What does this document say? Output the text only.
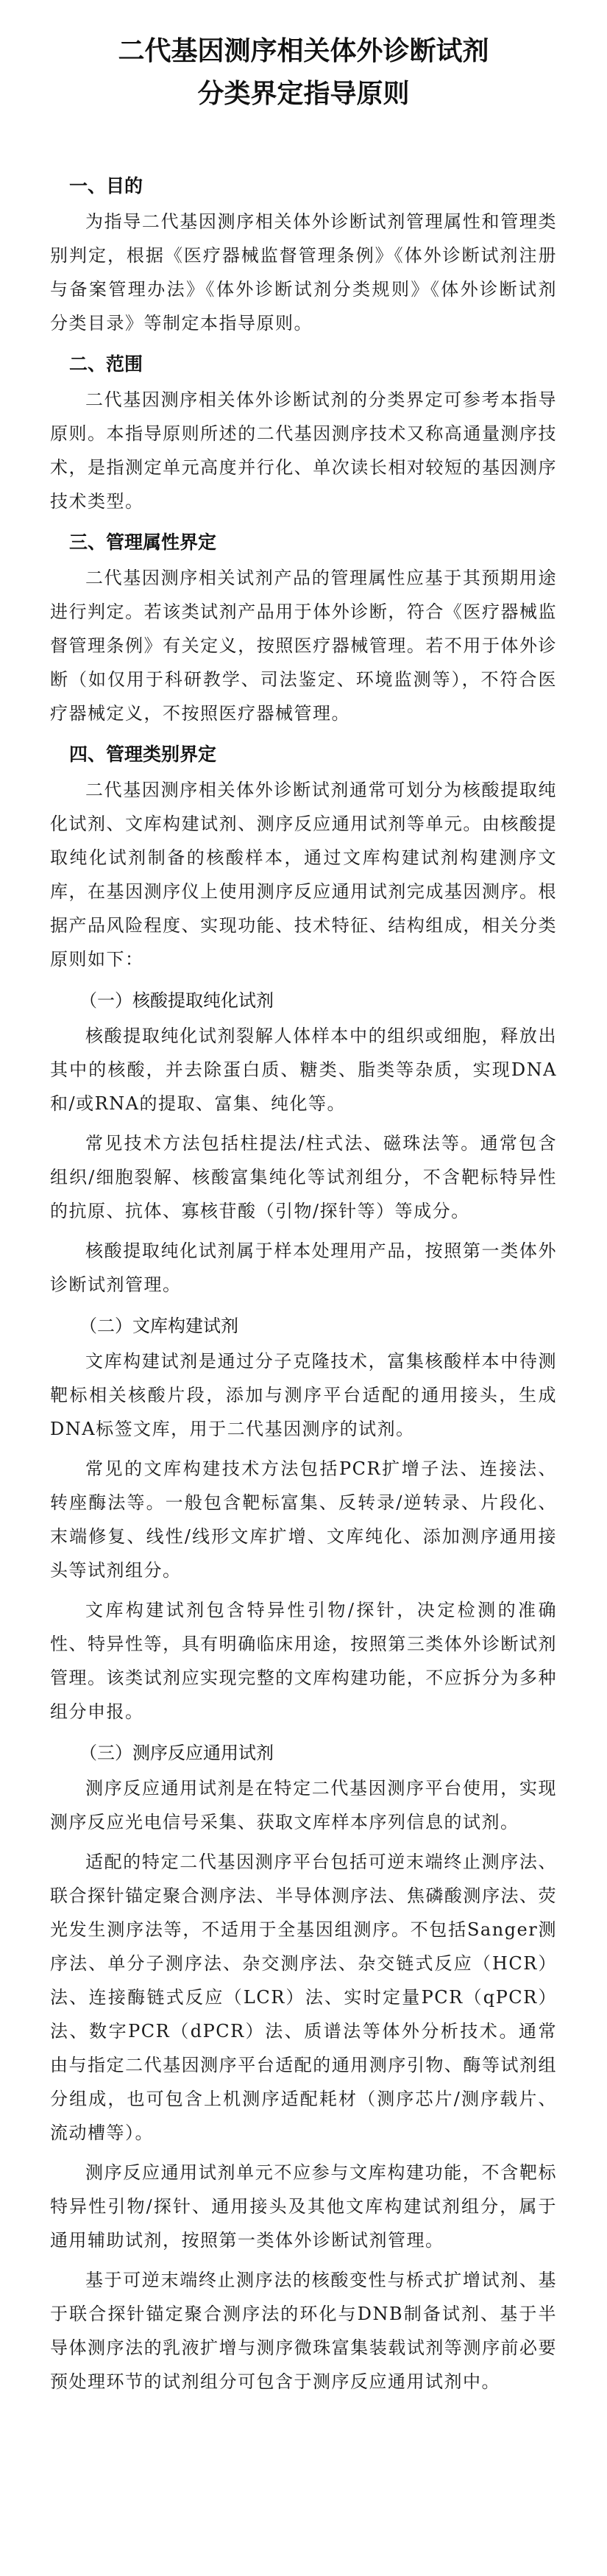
二代基因测序相关体外诊断试剂
分类界定指导原则
一、目的

为指导二代基因测序相关体外诊断试剂管理属性和管理类别判定，根据《医疗器械监督管理条例》《体外诊断试剂注册与备案管理办法》《体外诊断试剂分类规则》《体外诊断试剂分类目录》等制定本指导原则。

二、范围

二代基因测序相关体外诊断试剂的分类界定可参考本指导原则。本指导原则所述的二代基因测序技术又称高通量测序技术，是指测定单元高度并行化、单次读长相对较短的基因测序技术类型。

三、管理属性界定

二代基因测序相关试剂产品的管理属性应基于其预期用途进行判定。若该类试剂产品用于体外诊断，符合《医疗器械监督管理条例》有关定义，按照医疗器械管理。若不用于体外诊断（如仅用于科研教学、司法鉴定、环境监测等），不符合医疗器械定义，不按照医疗器械管理。

四、管理类别界定

二代基因测序相关体外诊断试剂通常可划分为核酸提取纯化试剂、文库构建试剂、测序反应通用试剂等单元。由核酸提取纯化试剂制备的核酸样本，通过文库构建试剂构建测序文库，在基因测序仪上使用测序反应通用试剂完成基因测序。根据产品风险程度、实现功能、技术特征、结构组成，相关分类原则如下：

（一）核酸提取纯化试剂

核酸提取纯化试剂裂解人体样本中的组织或细胞，释放出其中的核酸，并去除蛋白质、糖类、脂类等杂质，实现DNA和/或RNA的提取、富集、纯化等。

常见技术方法包括柱提法/柱式法、磁珠法等。通常包含组织/细胞裂解、核酸富集纯化等试剂组分，不含靶标特异性的抗原、抗体、寡核苷酸（引物/探针等）等成分。

核酸提取纯化试剂属于样本处理用产品，按照第一类体外诊断试剂管理。

（二）文库构建试剂

文库构建试剂是通过分子克隆技术，富集核酸样本中待测靶标相关核酸片段，添加与测序平台适配的通用接头，生成DNA标签文库，用于二代基因测序的试剂。

常见的文库构建技术方法包括PCR扩增子法、连接法、转座酶法等。一般包含靶标富集、反转录/逆转录、片段化、末端修复、线性/线形文库扩增、文库纯化、添加测序通用接头等试剂组分。

文库构建试剂包含特异性引物/探针，决定检测的准确性、特异性等，具有明确临床用途，按照第三类体外诊断试剂管理。该类试剂应实现完整的文库构建功能，不应拆分为多种组分申报。

（三）测序反应通用试剂

测序反应通用试剂是在特定二代基因测序平台使用，实现测序反应光电信号采集、获取文库样本序列信息的试剂。

适配的特定二代基因测序平台包括可逆末端终止测序法、联合探针锚定聚合测序法、半导体测序法、焦磷酸测序法、荧光发生测序法等，不适用于全基因组测序。不包括Sanger测序法、单分子测序法、杂交测序法、杂交链式反应（HCR）法、连接酶链式反应（LCR）法、实时定量PCR（qPCR）法、数字PCR（dPCR）法、质谱法等体外分析技术。通常由与指定二代基因测序平台适配的通用测序引物、酶等试剂组分组成，也可包含上机测序适配耗材（测序芯片/测序载片、流动槽等）。

测序反应通用试剂单元不应参与文库构建功能，不含靶标特异性引物/探针、通用接头及其他文库构建试剂组分，属于通用辅助试剂，按照第一类体外诊断试剂管理。

基于可逆末端终止测序法的核酸变性与桥式扩增试剂、基于联合探针锚定聚合测序法的环化与DNB制备试剂、基于半导体测序法的乳液扩增与测序微珠富集装载试剂等测序前必要预处理环节的试剂组分可包含于测序反应通用试剂中。
